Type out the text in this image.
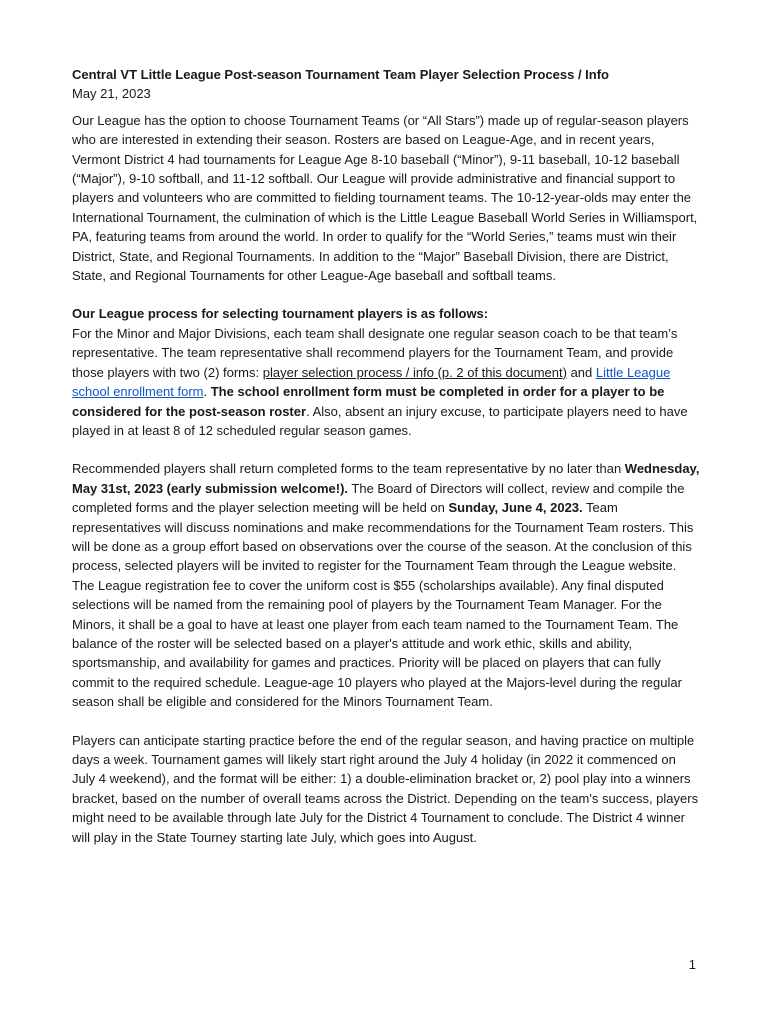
Central VT Little League Post-season Tournament Team Player Selection Process / Info

May 21, 2023

Our League has the option to choose Tournament Teams (or “All Stars”) made up of regular-season players who are interested in extending their season. Rosters are based on League-Age, and in recent years, Vermont District 4 had tournaments for League Age 8-10 baseball (“Minor”), 9-11 baseball, 10-12 baseball (“Major”), 9-10 softball, and 11-12 softball. Our League will provide administrative and financial support to players and volunteers who are committed to fielding tournament teams. The 10-12-year-olds may enter the International Tournament, the culmination of which is the Little League Baseball World Series in Williamsport, PA, featuring teams from around the world. In order to qualify for the “World Series,” teams must win their District, State, and Regional Tournaments. In addition to the “Major” Baseball Division, there are District, State, and Regional Tournaments for other League-Age baseball and softball teams.

Our League process for selecting tournament players is as follows:

For the Minor and Major Divisions, each team shall designate one regular season coach to be that team’s representative. The team representative shall recommend players for the Tournament Team, and provide those players with two (2) forms: player selection process / info (p. 2 of this document) and Little League school enrollment form. The school enrollment form must be completed in order for a player to be considered for the post-season roster. Also, absent an injury excuse, to participate players need to have played in at least 8 of 12 scheduled regular season games.

Recommended players shall return completed forms to the team representative by no later than Wednesday, May 31st, 2023 (early submission welcome!). The Board of Directors will collect, review and compile the completed forms and the player selection meeting will be held on Sunday, June 4, 2023. Team representatives will discuss nominations and make recommendations for the Tournament Team rosters. This will be done as a group effort based on observations over the course of the season. At the conclusion of this process, selected players will be invited to register for the Tournament Team through the League website. The League registration fee to cover the uniform cost is $55 (scholarships available). Any final disputed selections will be named from the remaining pool of players by the Tournament Team Manager. For the Minors, it shall be a goal to have at least one player from each team named to the Tournament Team. The balance of the roster will be selected based on a player's attitude and work ethic, skills and ability, sportsmanship, and availability for games and practices. Priority will be placed on players that can fully commit to the required schedule. League-age 10 players who played at the Majors-level during the regular season shall be eligible and considered for the Minors Tournament Team.

Players can anticipate starting practice before the end of the regular season, and having practice on multiple days a week. Tournament games will likely start right around the July 4 holiday (in 2022 it commenced on July 4 weekend), and the format will be either: 1) a double-elimination bracket or, 2) pool play into a winners bracket, based on the number of overall teams across the District. Depending on the team's success, players might need to be available through late July for the District 4 Tournament to conclude. The District 4 winner will play in the State Tourney starting late July, which goes into August.

1
